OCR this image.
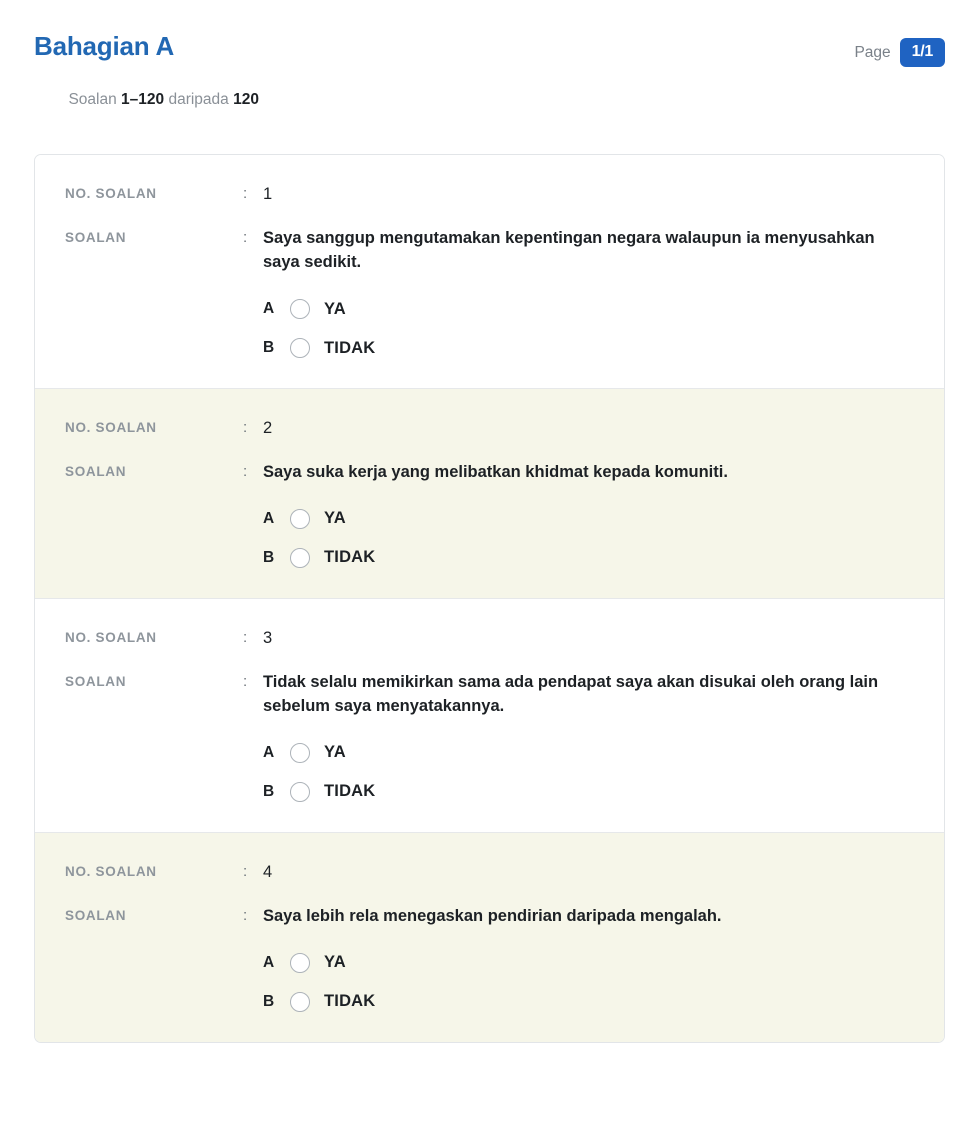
Bahagian A

Soalan 1–120 daripada 120

Page	1/1
NO. SOALAN	: 1
SOALAN	: Saya sanggup mengutamakan kepentingan negara walaupun ia menyusahkan saya sedikit.
A	YA
B	TIDAK
NO. SOALAN	: 2
SOALAN	: Saya suka kerja yang melibatkan khidmat kepada komuniti.
A	YA
B	TIDAK
NO. SOALAN	: 3
SOALAN	: Tidak selalu memikirkan sama ada pendapat saya akan disukai oleh orang lain sebelum saya menyatakannya.
A	YA
B	TIDAK
NO. SOALAN	: 4
SOALAN	: Saya lebih rela menegaskan pendirian daripada mengalah.
A	YA
B	TIDAK
